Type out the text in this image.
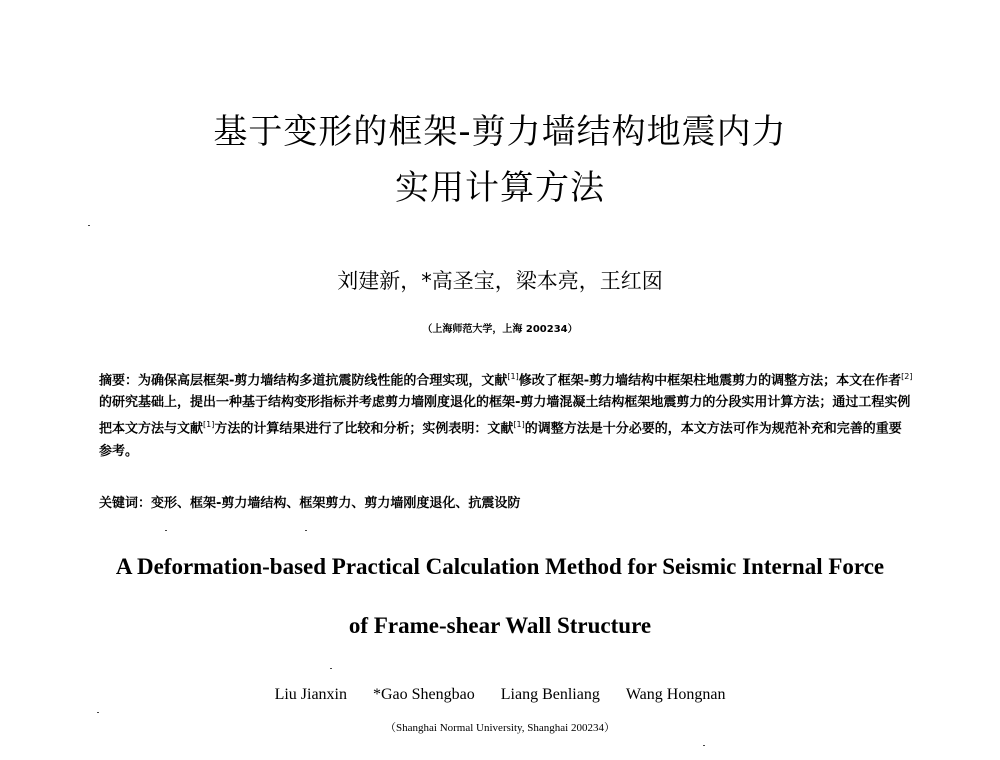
基于变形的框架-剪力墙结构地震内力
实用计算方法
刘建新，*高圣宝，梁本亮，王红囡
（上海师范大学，上海 200234）
摘要：为确保高层框架-剪力墙结构多道抗震防线性能的合理实现，文献[1]修改了框架-剪力墙结构中框架柱地震剪力的调整方法；本文在作者[2]的研究基础上，提出一种基于结构变形指标并考虑剪力墙刚度退化的框架-剪力墙混凝土结构框架地震剪力的分段实用计算方法；通过工程实例把本文方法与文献[1]方法的计算结果进行了比较和分析；实例表明：文献[1]的调整方法是十分必要的，本文方法可作为规范补充和完善的重要参考。
关键词：变形、框架-剪力墙结构、框架剪力、剪力墙刚度退化、抗震设防
A Deformation-based Practical Calculation Method for Seismic Internal Force
of Frame-shear Wall Structure
Liu Jianxin *Gao Shengbao Liang Benliang Wang Hongnan
（Shanghai Normal University, Shanghai 200234）
